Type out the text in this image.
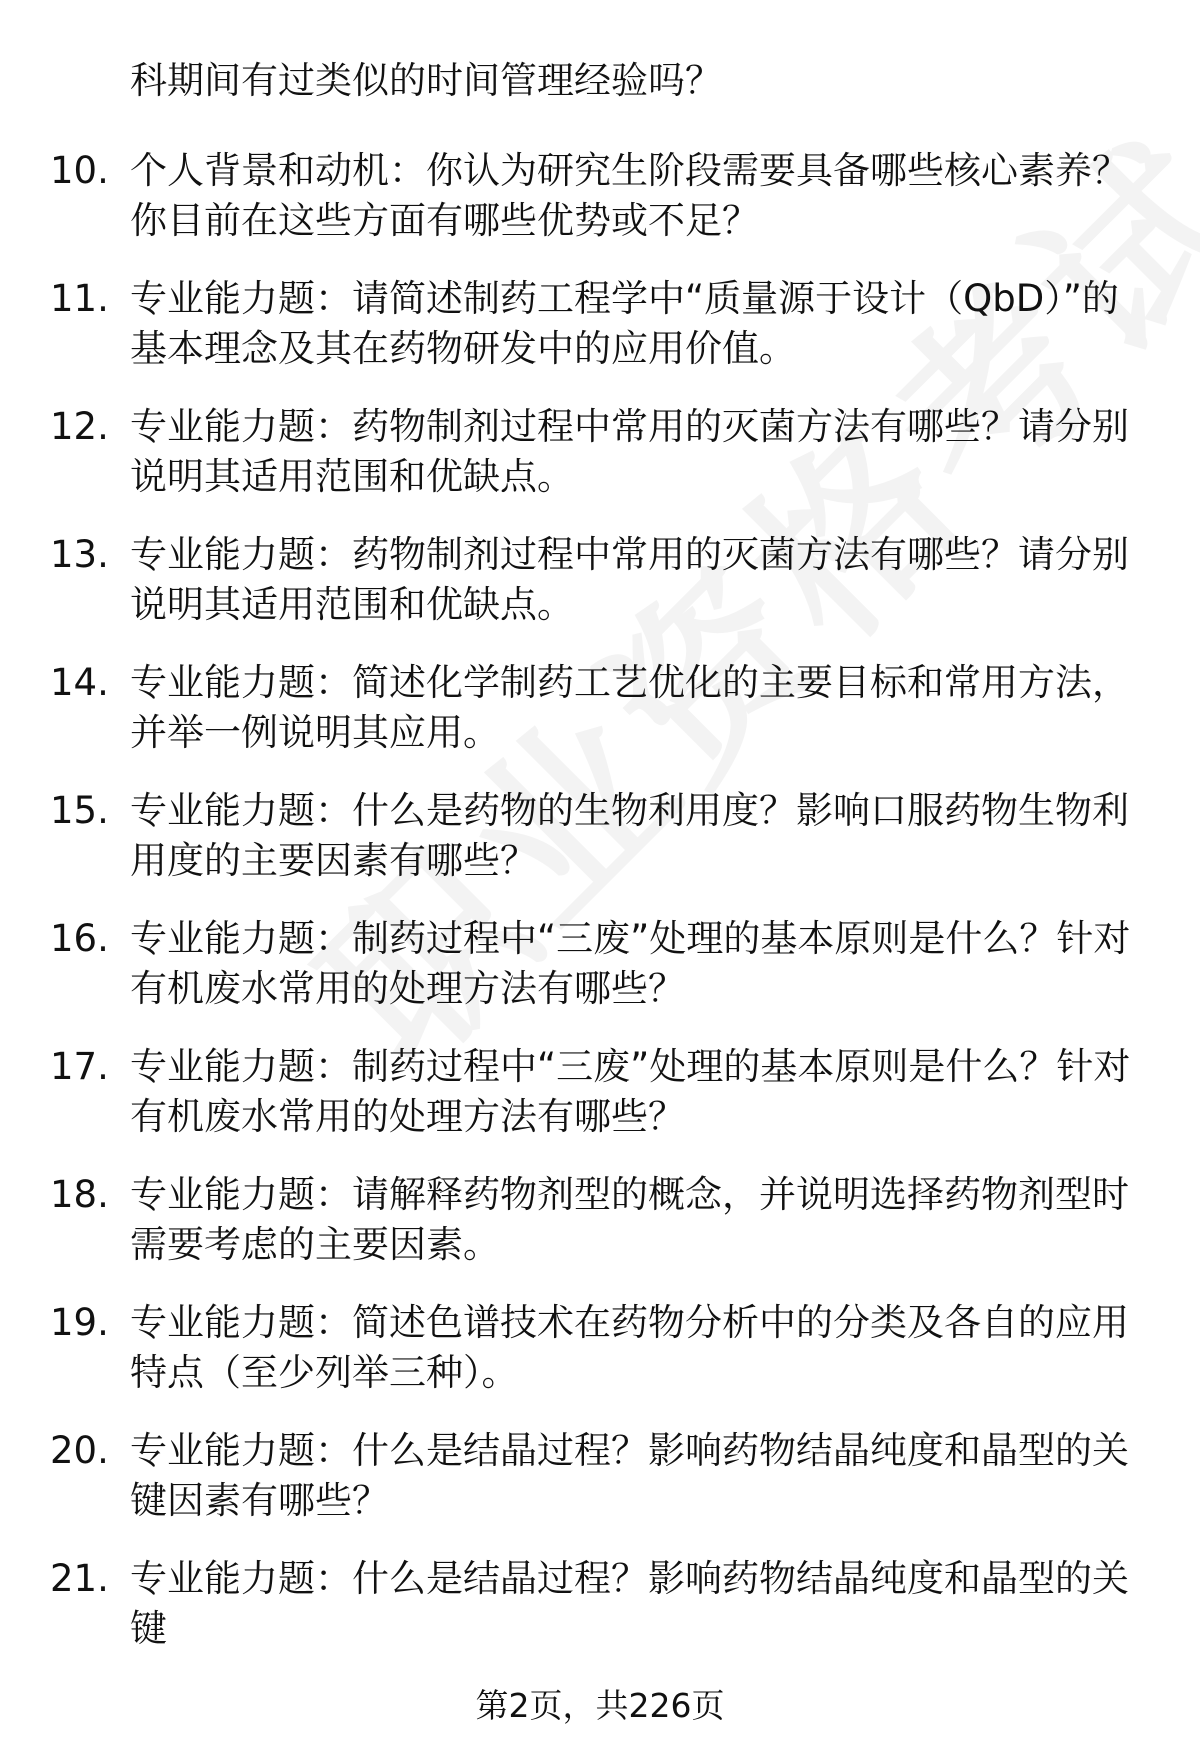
科期间有过类似的时间管理经验吗？
10. 个人背景和动机：你认为研究生阶段需要具备哪些核心素养？你目前在这些方面有哪些优势或不足？
11. 专业能力题：请简述制药工程学中“质量源于设计（QbD）”的基本理念及其在药物研发中的应用价值。
12. 专业能力题：药物制剂过程中常用的灭菌方法有哪些？请分别说明其适用范围和优缺点。
13. 专业能力题：药物制剂过程中常用的灭菌方法有哪些？请分别说明其适用范围和优缺点。
14. 专业能力题：简述化学制药工艺优化的主要目标和常用方法，并举一例说明其应用。
15. 专业能力题：什么是药物的生物利用度？影响口服药物生物利用度的主要因素有哪些？
16. 专业能力题：制药过程中“三废”处理的基本原则是什么？针对有机废水常用的处理方法有哪些？
17. 专业能力题：制药过程中“三废”处理的基本原则是什么？针对有机废水常用的处理方法有哪些？
18. 专业能力题：请解释药物剂型的概念，并说明选择药物剂型时需要考虑的主要因素。
19. 专业能力题：简述色谱技术在药物分析中的分类及各自的应用特点（至少列举三种）。
20. 专业能力题：什么是结晶过程？影响药物结晶纯度和晶型的关键因素有哪些？
21. 专业能力题：什么是结晶过程？影响药物结晶纯度和晶型的关键
第2页，共226页
